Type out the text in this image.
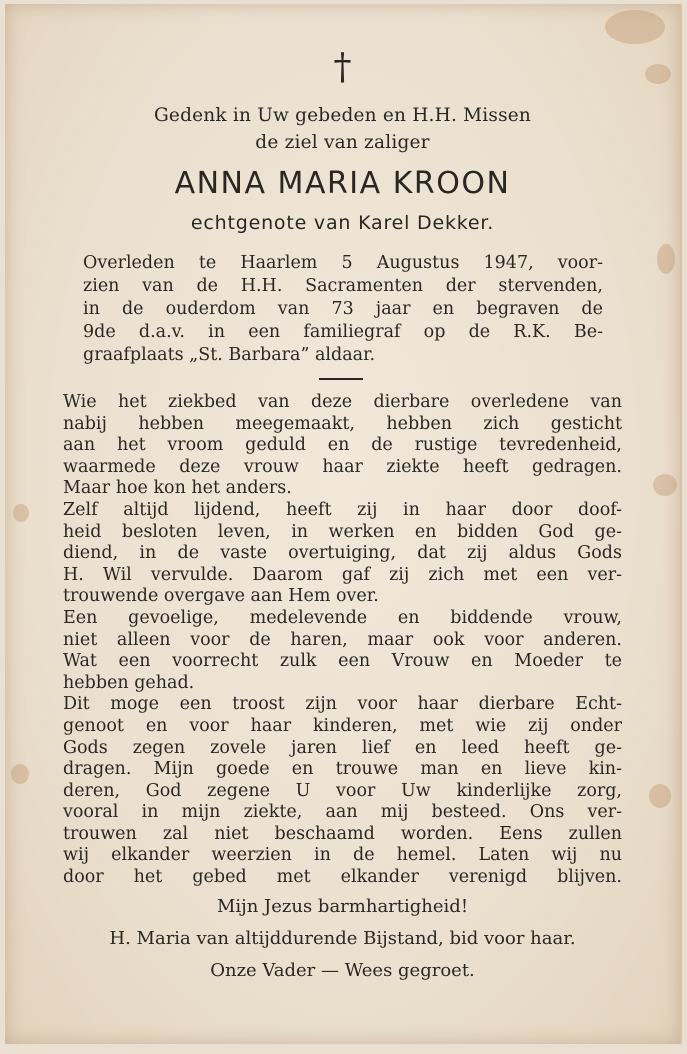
†
Gedenk in Uw gebeden en H.H. Missen
de ziel van zaliger
ANNA MARIA KROON
echtgenote van Karel Dekker.
Overleden te Haarlem 5 Augustus 1947, voor-
zien van de H.H. Sacramenten der stervenden,
in de ouderdom van 73 jaar en begraven de
9de d.a.v. in een familiegraf op de R.K. Be-
graafplaats „St. Barbara” aldaar.
Wie het ziekbed van deze dierbare overledene van
nabij hebben meegemaakt, hebben zich gesticht
aan het vroom geduld en de rustige tevredenheid,
waarmede deze vrouw haar ziekte heeft gedragen.
Maar hoe kon het anders.
Zelf altijd lijdend, heeft zij in haar door doof-
heid besloten leven, in werken en bidden God ge-
diend, in de vaste overtuiging, dat zij aldus Gods
H. Wil vervulde. Daarom gaf zij zich met een ver-
trouwende overgave aan Hem over.
Een gevoelige, medelevende en biddende vrouw,
niet alleen voor de haren, maar ook voor anderen.
Wat een voorrecht zulk een Vrouw en Moeder te
hebben gehad.
Dit moge een troost zijn voor haar dierbare Echt-
genoot en voor haar kinderen, met wie zij onder
Gods zegen zovele jaren lief en leed heeft ge-
dragen. Mijn goede en trouwe man en lieve kin-
deren, God zegene U voor Uw kinderlijke zorg,
vooral in mijn ziekte, aan mij besteed. Ons ver-
trouwen zal niet beschaamd worden. Eens zullen
wij elkander weerzien in de hemel. Laten wij nu
door het gebed met elkander verenigd blijven.
Mijn Jezus barmhartigheid!
H. Maria van altijddurende Bijstand, bid voor haar.
Onze Vader — Wees gegroet.
